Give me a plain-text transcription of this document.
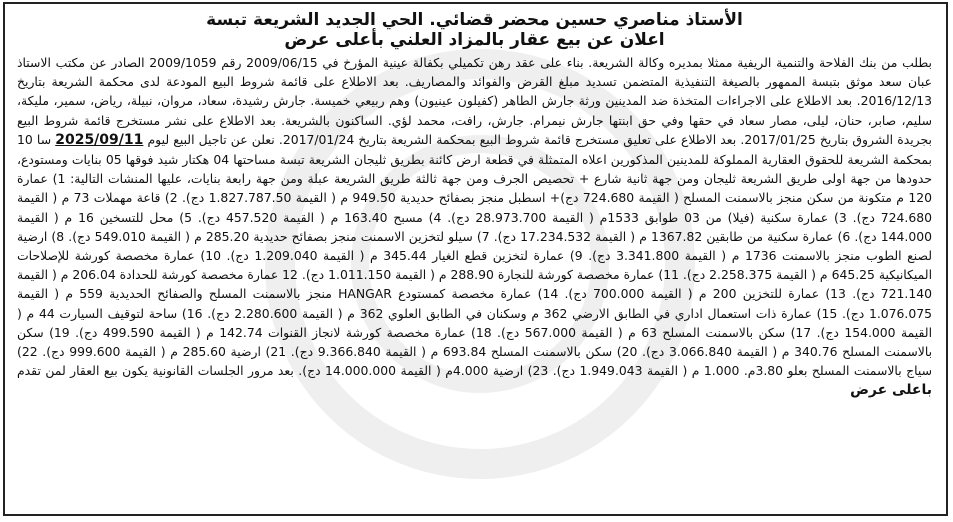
الأستاذ مناصري حسين محضر قضائي. الحي الجديد الشريعة تبسة
اعلان عن بيع عقار بالمزاد العلني بأعلى عرض

بطلب من بنك الفلاحة والتنمية الريفية ممثلا بمديره وكالة الشريعة. بناء على عقد رهن تكميلي بكفالة عينية المؤرخ في 2009/06/15 رقم 2009/1059 الصادر عن مكتب الاستاذ عبان سعد موثق بتبسة الممهور بالصيغة التنفيذية المتضمن تسديد مبلغ القرض والفوائد والمصاريف. بعد الاطلاع على قائمة شروط البيع المودعة لدى محكمة الشريعة بتاريخ 2016/12/13. بعد الاطلاع على الاجراءات المتخذة ضد المدينين ورثة جارش الطاهر (كفيلون عينيون) وهم ربيعي خميسة. جارش رشيدة، سعاد، مروان، نبيلة، رياض، سمير، مليكة، سليم، صابر، حنان، ليلى، مصار سعاد في حقها وفي حق ابنتها جارش نيمرام. جارش، رافت، محمد لؤي. الساكنون بالشريعة. بعد الاطلاع على نشر مستخرج قائمة شروط البيع بجريدة الشروق بتاريخ 2017/01/25. بعد الاطلاع على تعليق مستخرج قائمة شروط البيع بمحكمة الشريعة بتاريخ 2017/01/24. نعلن عن تاجيل البيع ليوم 2025/09/11 سا 10 بمحكمة الشريعة للحقوق العقارية المملوكة للمدينين المذكورين اعلاه المتمثلة في قطعة ارض كائنة بطريق ثليجان الشريعة تبسة مساحتها 04 هكتار شيد فوقها 05 بنايات ومستودع، حدودها من جهة اولى طريق الشريعة ثليجان ومن جهة ثانية شارع + تحصيص الجرف ومن جهة ثالثة طريق الشريعة عبلة ومن جهة رابعة بنايات، عليها المنشات التالية: 1) عمارة 120 م متكونة من سكن منجز بالاسمنت المسلح ( القيمة 724.680 دج)+ اسطبل منجز بصفائح حديدية 949.50 م ( القيمة 1.827.787.50 دج). 2) قاعة مهملات 73 م ( القيمة 724.680 دج). 3) عمارة سكنية (فيلا) من 03 طوابق 1533م ( القيمة 28.973.700 دج). 4) مسبح 163.40 م ( القيمة 457.520 دج). 5) محل للتسخين 16 م ( القيمة 144.000 دج). 6) عمارة سكنية من طابقين 1367.82 م ( القيمة 17.234.532 دج). 7) سيلو لتخزين الاسمنت منجز بصفائح حديدية 285.20 م ( القيمة 549.010 دج). 8) ارضية لصنع الطوب منجز بالاسمنت 1736 م ( القيمة 3.341.800 دج). 9) عمارة لتخزين قطع الغيار 345.44 م ( القيمة 1.209.040 دج). 10) عمارة مخصصة كورشة للإصلاحات الميكانيكية 645.25 م ( القيمة 2.258.375 دج). 11) عمارة مخصصة كورشة للنجارة 288.90 م ( القيمة 1.011.150 دج). 12 عمارة مخصصة كورشة للحدادة 206.04 م ( القيمة 721.140 دج). 13) عمارة للتخزين 200 م ( القيمة 700.000 دج). 14) عمارة مخصصة كمستودع HANGAR منجز بالاسمنت المسلح والصفائح الحديدية 559 م ( القيمة 1.076.075 دج). 15) عمارة ذات استعمال اداري في الطابق الارضي 362 م وسكنان في الطابق العلوي 362 م ( القيمة 2.280.600 دج). 16) ساحة لتوقيف السيارت 44 م ( القيمة 154.000 دج). 17) سكن بالاسمنت المسلح 63 م ( القيمة 567.000 دج). 18) عمارة مخصصة كورشة لانجاز القنوات 142.74 م ( القيمة 499.590 دج). 19) سكن بالاسمنت المسلح 340.76 م ( القيمة 3.066.840 دج). 20) سكن بالاسمنت المسلح 693.84 م ( القيمة 9.366.840 دج). 21) ارضية 285.60 م ( القيمة 999.600 دج). 22) سياج بالاسمنت المسلح بعلو 3.80م. 1.000 م ( القيمة 1.949.043 دج). 23) ارضية 4.000م ( القيمة 14.000.000 دج). بعد مرور الجلسات القانونية يكون بيع العقار لمن تقدم باعلى عرض
